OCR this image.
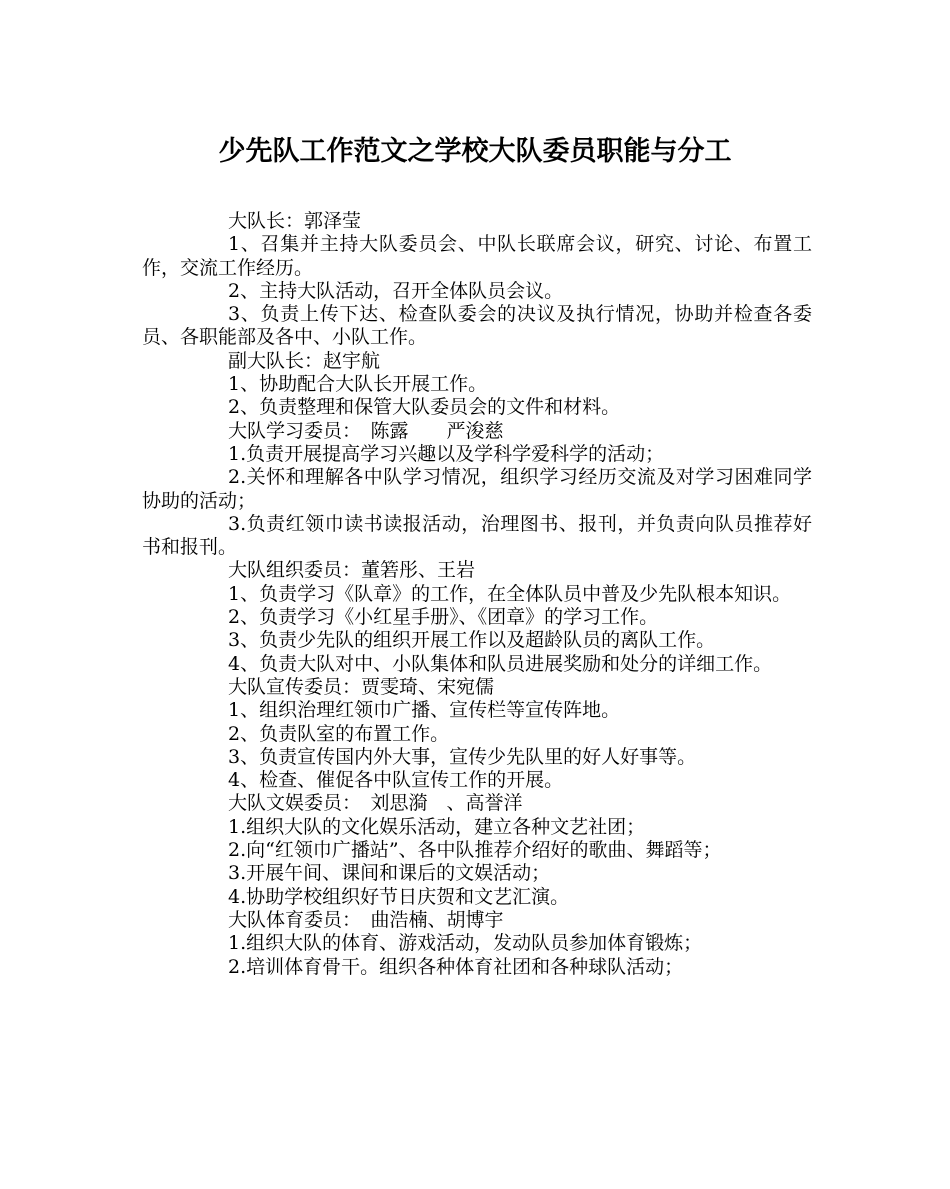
少先队工作范文之学校大队委员职能与分工

大队长：郭泽莹

1、召集并主持大队委员会、中队长联席会议，研究、讨论、布置工作，交流工作经历。

2、主持大队活动，召开全体队员会议。

3、负责上传下达、检查队委会的决议及执行情况，协助并检查各委员、各职能部及各中、小队工作。

副大队长：赵宇航

1、协助配合大队长开展工作。

2、负责整理和保管大队委员会的文件和材料。

大队学习委员：　陈露　　严浚慈

1.负责开展提高学习兴趣以及学科学爱科学的活动；

2.关怀和理解各中队学习情况，组织学习经历交流及对学习困难同学协助的活动；

3.负责红领巾读书读报活动，治理图书、报刊，并负责向队员推荐好书和报刊。

大队组织委员：董箬彤、王岩

1、负责学习《队章》的工作，在全体队员中普及少先队根本知识。

2、负责学习《小红星手册》、《团章》的学习工作。

3、负责少先队的组织开展工作以及超龄队员的离队工作。

4、负责大队对中、小队集体和队员进展奖励和处分的详细工作。

大队宣传委员：贾雯琦、宋宛儒

1、组织治理红领巾广播、宣传栏等宣传阵地。

2、负责队室的布置工作。

3、负责宣传国内外大事，宣传少先队里的好人好事等。

4、检查、催促各中队宣传工作的开展。

大队文娱委员：　刘思漪　、高誉洋

1.组织大队的文化娱乐活动，建立各种文艺社团；

2.向“红领巾广播站”、各中队推荐介绍好的歌曲、舞蹈等；

3.开展午间、课间和课后的文娱活动；

4.协助学校组织好节日庆贺和文艺汇演。

大队体育委员：　曲浩楠、胡博宇

1.组织大队的体育、游戏活动，发动队员参加体育锻炼；

2.培训体育骨干。组织各种体育社团和各种球队活动；
